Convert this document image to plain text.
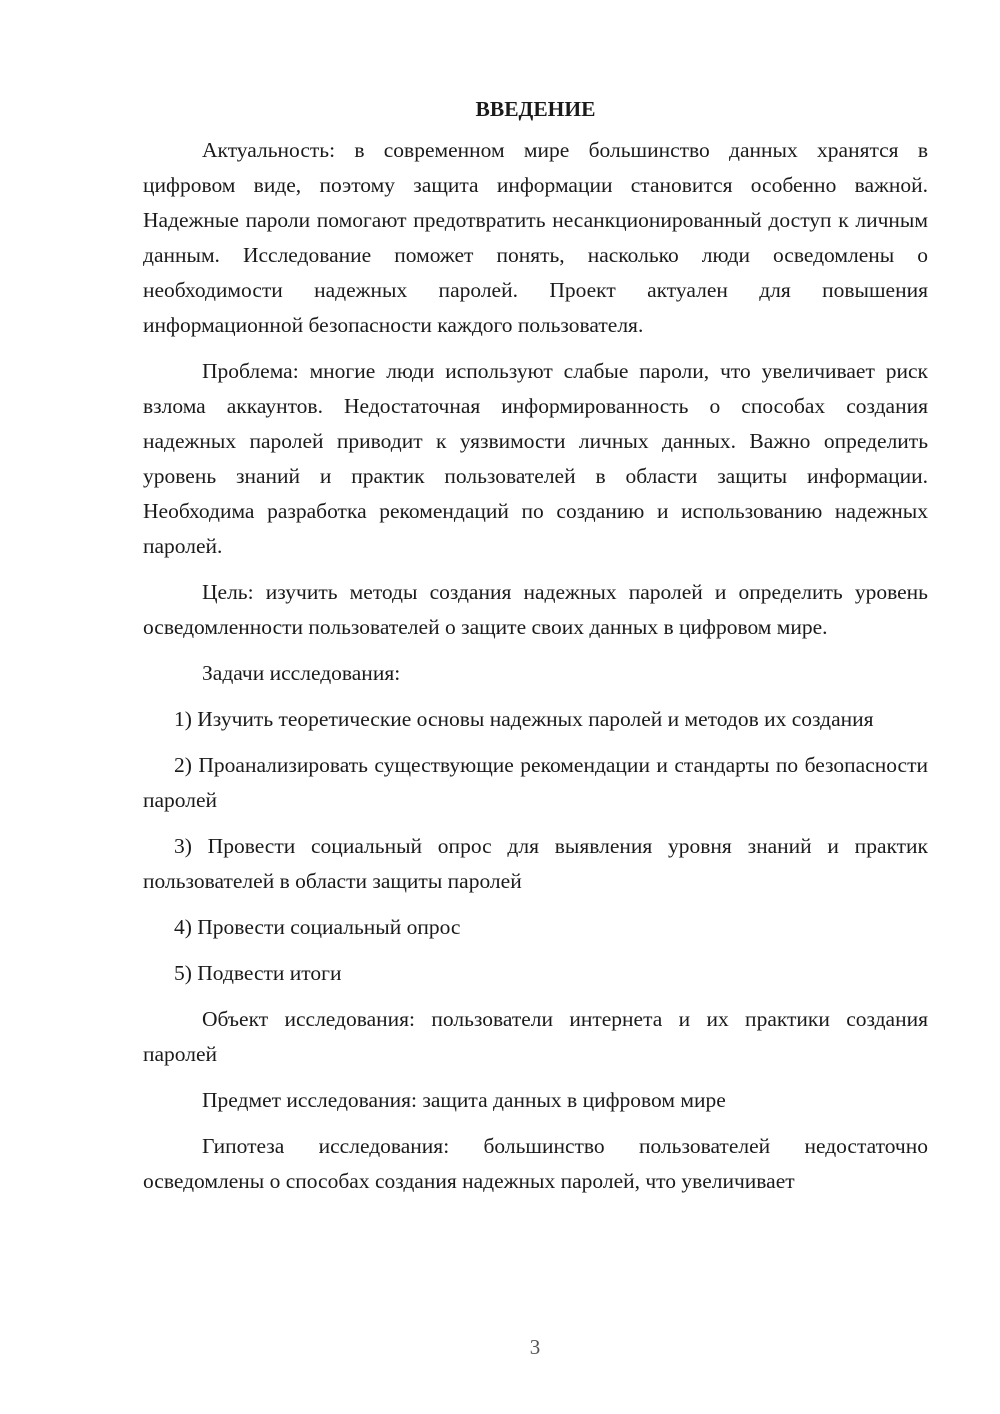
ВВЕДЕНИЕ

Актуальность: в современном мире большинство данных хранятся в цифровом виде, поэтому защита информации становится особенно важной. Надежные пароли помогают предотвратить несанкционированный доступ к личным данным. Исследование поможет понять, насколько люди осведомлены о необходимости надежных паролей. Проект актуален для повышения информационной безопасности каждого пользователя.

Проблема: многие люди используют слабые пароли, что увеличивает риск взлома аккаунтов. Недостаточная информированность о способах создания надежных паролей приводит к уязвимости личных данных. Важно определить уровень знаний и практик пользователей в области защиты информации. Необходима разработка рекомендаций по созданию и использованию надежных паролей.

Цель: изучить методы создания надежных паролей и определить уровень осведомленности пользователей о защите своих данных в цифровом мире.

Задачи исследования:

1) Изучить теоретические основы надежных паролей и методов их создания

2) Проанализировать существующие рекомендации и стандарты по безопасности паролей

3) Провести социальный опрос для выявления уровня знаний и практик пользователей в области защиты паролей

4) Провести социальный опрос

5) Подвести итоги

Объект исследования: пользователи интернета и их практики создания паролей

Предмет исследования: защита данных в цифровом мире

Гипотеза исследования: большинство пользователей недостаточно осведомлены о способах создания надежных паролей, что увеличивает

3
